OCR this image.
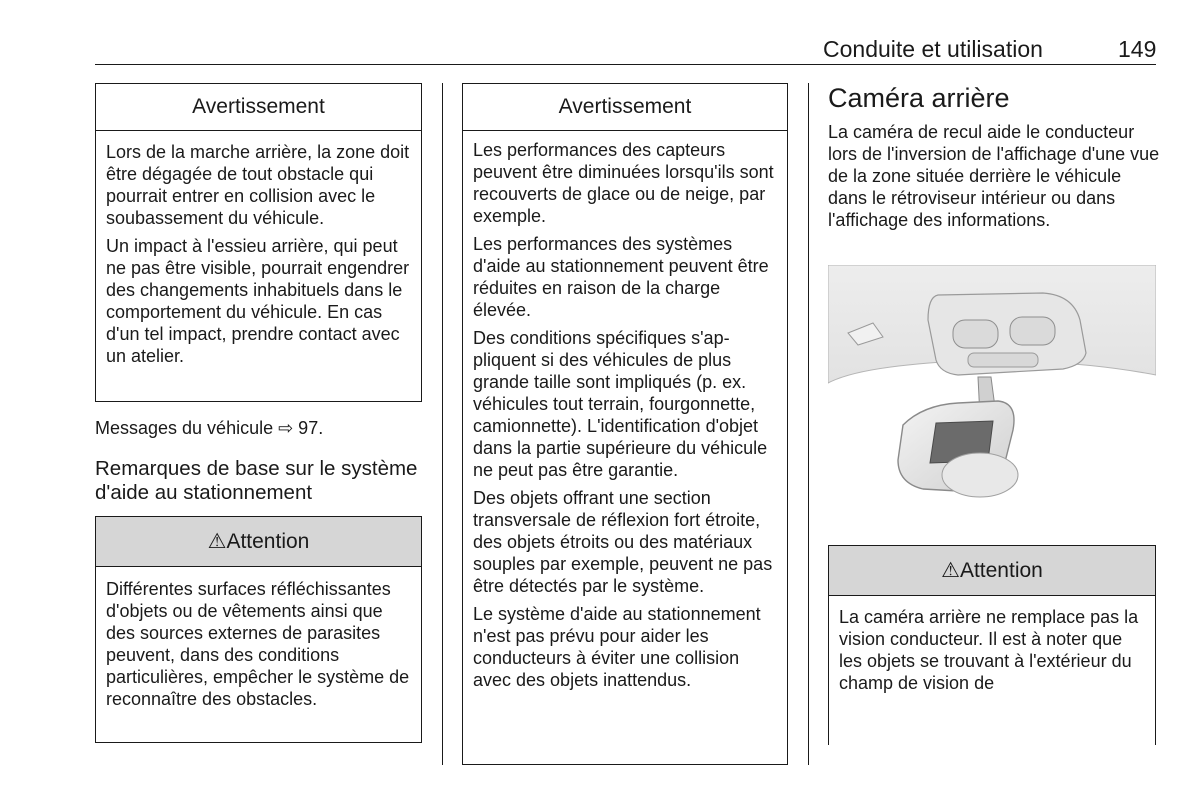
Conduite et utilisation	149
Avertissement

Lors de la marche arrière, la zone doit être dégagée de tout obstacle qui pourrait entrer en collision avec le soubassement du véhicule.

Un impact à l'essieu arrière, qui peut ne pas être visible, pourrait engendrer des changements inhabituels dans le comportement du véhicule. En cas d'un tel impact, prendre contact avec un atelier.

Messages du véhicule ⇨ 97.
Remarques de base sur le système d'aide au stationnement
⚠ Attention

Différentes surfaces réfléchissantes d'objets ou de vêtements ainsi que des sources externes de parasites peuvent, dans des conditions particulières, empêcher le système de reconnaître des obstacles.

Avertissement

Les performances des capteurs peuvent être diminuées lorsqu'ils sont recouverts de glace ou de neige, par exemple.

Les performances des systèmes d'aide au stationnement peuvent être réduites en raison de la charge élevée.

Des conditions spécifiques s'appliquent si des véhicules de plus grande taille sont impliqués (p. ex. véhicules tout terrain, fourgonnette, camionnette). L'identification d'objet dans la partie supérieure du véhicule ne peut pas être garantie.

Des objets offrant une section transversale de réflexion fort étroite, des objets étroits ou des matériaux souples par exemple, peuvent ne pas être détectés par le système.

Le système d'aide au stationnement n'est pas prévu pour aider les conducteurs à éviter une collision avec des objets inattendus.

Caméra arrière
La caméra de recul aide le conducteur lors de l'inversion de l'affichage d'une vue de la zone située derrière le véhicule dans le rétroviseur intérieur ou dans l'affichage des informations.
⚠ Attention

La caméra arrière ne remplace pas la vision conducteur. Il est à noter que les objets se trouvant à l'extérieur du champ de vision de
